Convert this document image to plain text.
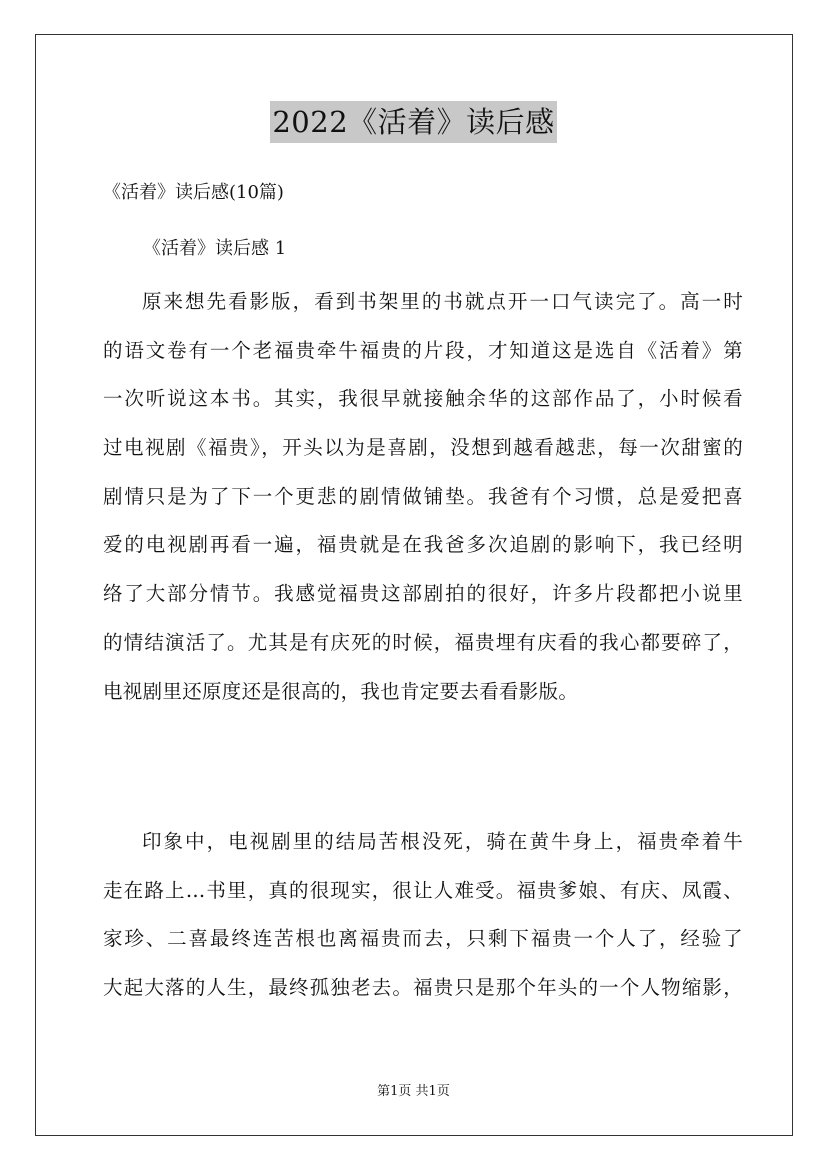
2022《活着》读后感
《活着》读后感(10篇)
《活着》读后感 1
原来想先看影版，看到书架里的书就点开一口气读完了。高一时
的语文卷有一个老福贵牵牛福贵的片段，才知道这是选自《活着》第
一次听说这本书。其实，我很早就接触余华的这部作品了，小时候看
过电视剧《福贵》，开头以为是喜剧，没想到越看越悲，每一次甜蜜的
剧情只是为了下一个更悲的剧情做铺垫。我爸有个习惯，总是爱把喜
爱的电视剧再看一遍，福贵就是在我爸多次追剧的影响下，我已经明
络了大部分情节。我感觉福贵这部剧拍的很好，许多片段都把小说里
的情结演活了。尤其是有庆死的时候，福贵埋有庆看的我心都要碎了，
电视剧里还原度还是很高的，我也肯定要去看看影版。
印象中，电视剧里的结局苦根没死，骑在黄牛身上，福贵牵着牛
走在路上…书里，真的很现实，很让人难受。福贵爹娘、有庆、凤霞、
家珍、二喜最终连苦根也离福贵而去，只剩下福贵一个人了，经验了
大起大落的人生，最终孤独老去。福贵只是那个年头的一个人物缩影，
第1页 共1页
